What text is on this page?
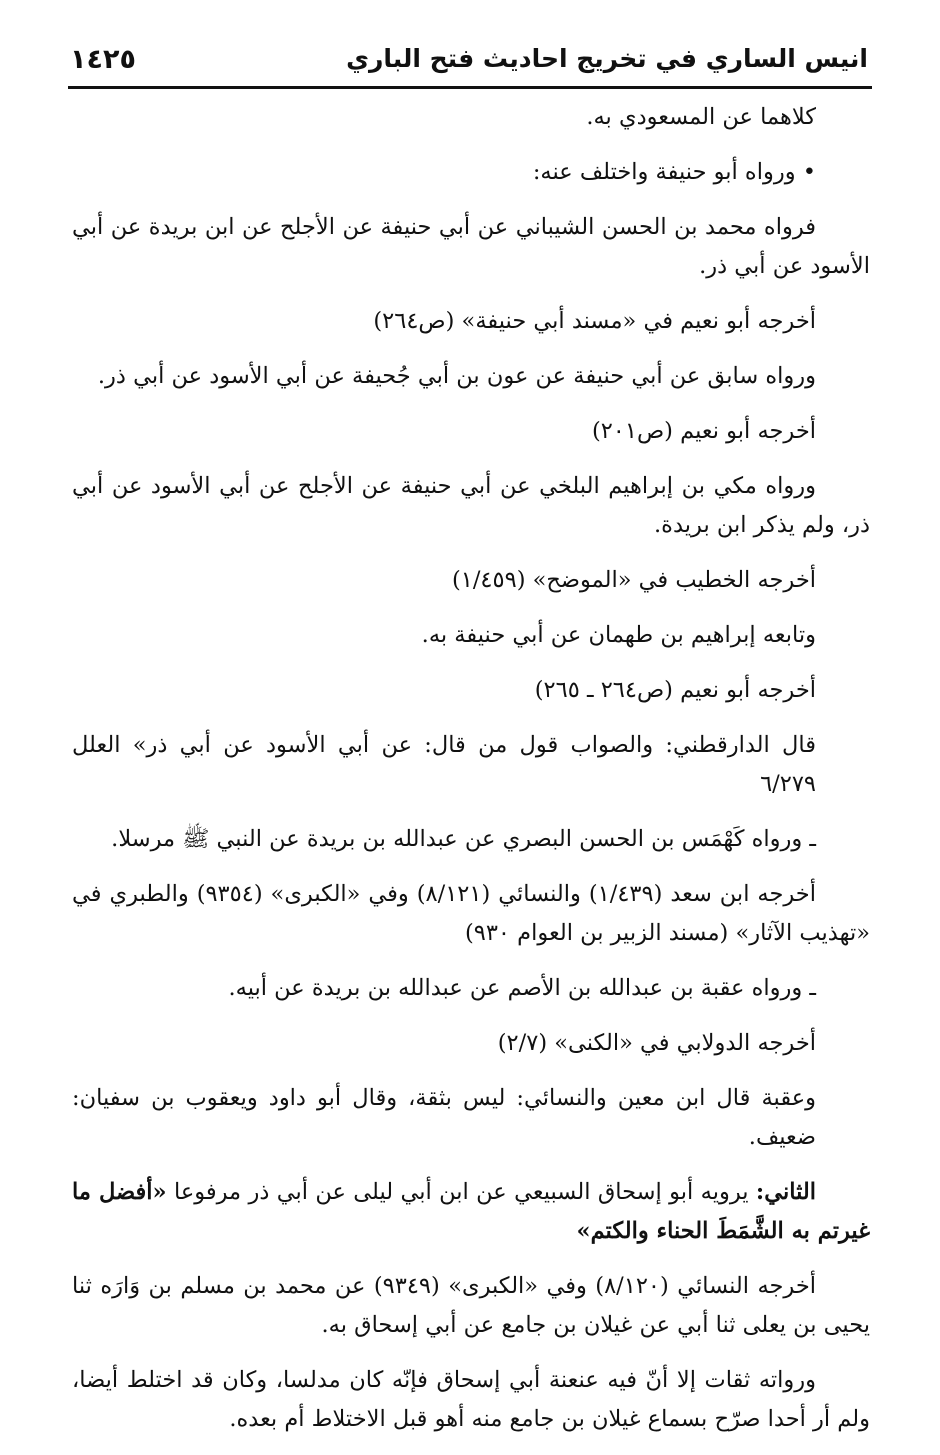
١٤٢٥	انيس الساري في تخريج احاديث فتح الباري

كلاهما عن المسعودي به.

• ورواه أبو حنيفة واختلف عنه:

فرواه محمد بن الحسن الشيباني عن أبي حنيفة عن الأجلح عن ابن بريدة عن أبي الأسود عن أبي ذر.

أخرجه أبو نعيم في «مسند أبي حنيفة» (ص٢٦٤)

ورواه سابق عن أبي حنيفة عن عون بن أبي جُحيفة عن أبي الأسود عن أبي ذر.

أخرجه أبو نعيم (ص٢٠١)

ورواه مكي بن إبراهيم البلخي عن أبي حنيفة عن الأجلح عن أبي الأسود عن أبي ذر، ولم يذكر ابن بريدة.

أخرجه الخطيب في «الموضح» (١/٤٥٩)

وتابعه إبراهيم بن طهمان عن أبي حنيفة به.

أخرجه أبو نعيم (ص٢٦٤ ـ ٢٦٥)

قال الدارقطني: والصواب قول من قال: عن أبي الأسود عن أبي ذر» العلل ٦/٢٧٩

ـ ورواه كَهْمَس بن الحسن البصري عن عبدالله بن بريدة عن النبي ﷺ مرسلا.

أخرجه ابن سعد (١/٤٣٩) والنسائي (٨/١٢١) وفي «الكبرى» (٩٣٥٤) والطبري في «تهذيب الآثار» (مسند الزبير بن العوام ٩٣٠)

ـ ورواه عقبة بن عبدالله بن الأصم عن عبدالله بن بريدة عن أبيه.

أخرجه الدولابي في «الكنى» (٢/٧)

وعقبة قال ابن معين والنسائي: ليس بثقة، وقال أبو داود ويعقوب بن سفيان: ضعيف.

الثاني: يرويه أبو إسحاق السبيعي عن ابن أبي ليلى عن أبي ذر مرفوعا «أفضل ما غيرتم به الشَّمَطَ الحناء والكتم»

أخرجه النسائي (٨/١٢٠) وفي «الكبرى» (٩٣٤٩) عن محمد بن مسلم بن وَارَه ثنا يحيى بن يعلى ثنا أبي عن غيلان بن جامع عن أبي إسحاق به.

ورواته ثقات إلا أنّ فيه عنعنة أبي إسحاق فإنّه كان مدلسا، وكان قد اختلط أيضا، ولم أر أحدا صرّح بسماع غيلان بن جامع منه أهو قبل الاختلاط أم بعده.
